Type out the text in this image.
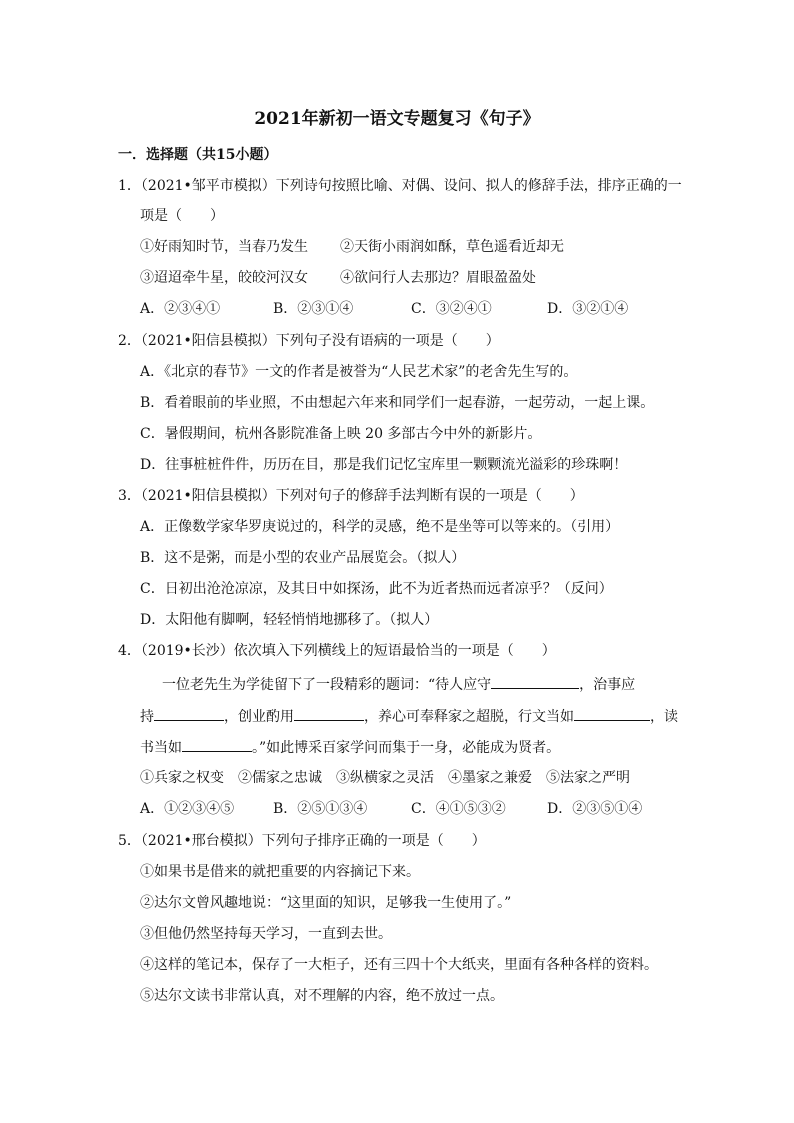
2021年新初一语文专题复习《句子》
一．选择题（共15小题）
1．（2021•邹平市模拟）下列诗句按照比喻、对偶、设问、拟人的修辞手法，排序正确的一
项是（　　）
①好雨知时节，当春乃发生 ②天街小雨润如酥，草色遥看近却无
③迢迢牵牛星，皎皎河汉女 ④欲问行人去那边？眉眼盈盈处
A．②③④①	B．②③①④	C．③②④①	D．③②①④
2．（2021•阳信县模拟）下列句子没有语病的一项是（　　）
A．《北京的春节》一文的作者是被誉为“人民艺术家”的老舍先生写的。
B．看着眼前的毕业照，不由想起六年来和同学们一起春游，一起劳动，一起上课。
C．暑假期间，杭州各影院准备上映 20 多部古今中外的新影片。
D．往事桩桩件件，历历在目，那是我们记忆宝库里一颗颗流光溢彩的珍珠啊！
3．（2021•阳信县模拟）下列对句子的修辞手法判断有误的一项是（　　）
A．正像数学家华罗庚说过的，科学的灵感，绝不是坐等可以等来的。（引用）
B．这不是粥，而是小型的农业产品展览会。（拟人）
C．日初出沧沧凉凉，及其日中如探汤，此不为近者热而远者凉乎？（反问）
D．太阳他有脚啊，轻轻悄悄地挪移了。（拟人）
4．（2019•长沙）依次填入下列横线上的短语最恰当的一项是（　　）
一位老先生为学徒留下了一段精彩的题词：“待人应守	，治事应
持	，创业酌用	，养心可奉释家之超脱，行文当如	，读
书当如	。”如此博采百家学问而集于一身，必能成为贤者。
①兵家之权变　②儒家之忠诚　③纵横家之灵活　④墨家之兼爱　⑤法家之严明
A．①②③④⑤	B．②⑤①③④	C．④①⑤③②	D．②③⑤①④
5．（2021•邢台模拟）下列句子排序正确的一项是（　　）
①如果书是借来的就把重要的内容摘记下来。
②达尔文曾风趣地说：“这里面的知识，足够我一生使用了。”
③但他仍然坚持每天学习，一直到去世。
④这样的笔记本，保存了一大柜子，还有三四十个大纸夹，里面有各种各样的资料。
⑤达尔文读书非常认真，对不理解的内容，绝不放过一点。
